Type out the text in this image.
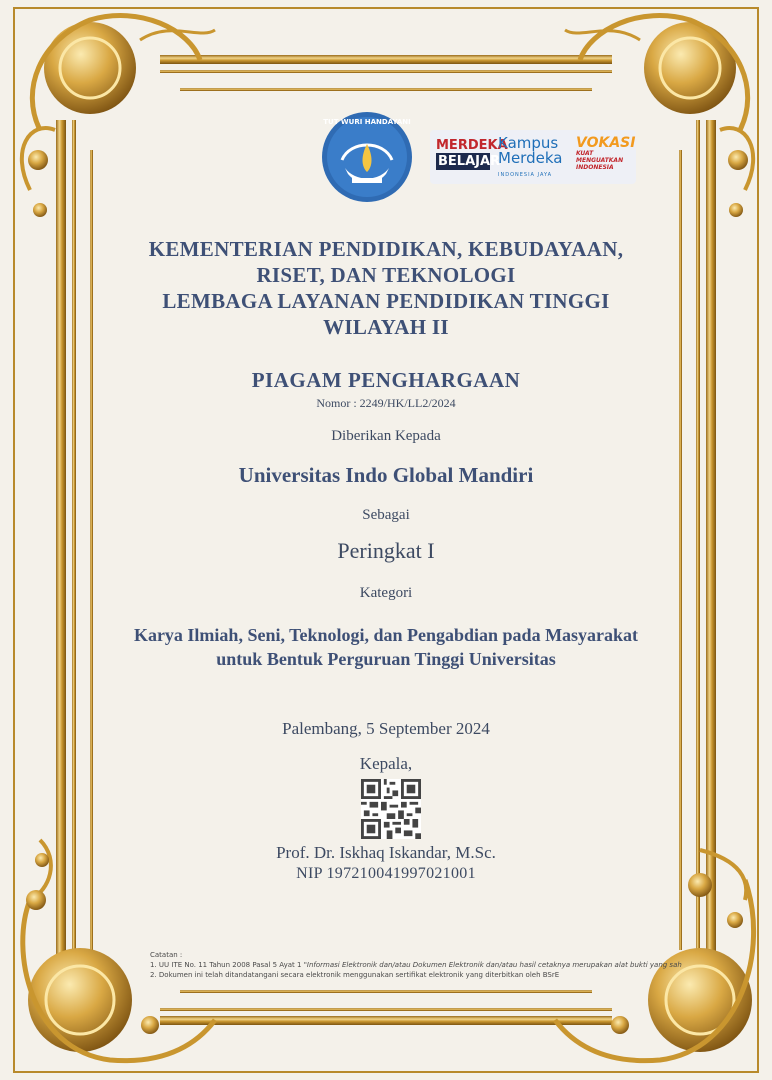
TUT WURI HANDAYANI
MERDEKA
BELAJAR
Kampus
Merdeka
INDONESIA JAYA
VOKASI
KUAT MENGUATKAN
INDONESIA
KEMENTERIAN PENDIDIKAN, KEBUDAYAAN,
RISET, DAN TEKNOLOGI
LEMBAGA LAYANAN PENDIDIKAN TINGGI
WILAYAH II
PIAGAM PENGHARGAAN
Nomor : 2249/HK/LL2/2024
Diberikan Kepada
Universitas Indo Global Mandiri
Sebagai
Peringkat I
Kategori
Karya Ilmiah, Seni, Teknologi, dan Pengabdian pada Masyarakat
untuk Bentuk Perguruan Tinggi Universitas
Palembang, 5 September 2024
Kepala,
Prof. Dr. Iskhaq Iskandar, M.Sc.
NIP 197210041997021001
Catatan :
1. UU ITE No. 11 Tahun 2008 Pasal 5 Ayat 1 "Informasi Elektronik dan/atau Dokumen Elektronik dan/atau hasil cetaknya merupakan alat bukti yang sah
2. Dokumen ini telah ditandatangani secara elektronik menggunakan sertifikat elektronik yang diterbitkan oleh BSrE
